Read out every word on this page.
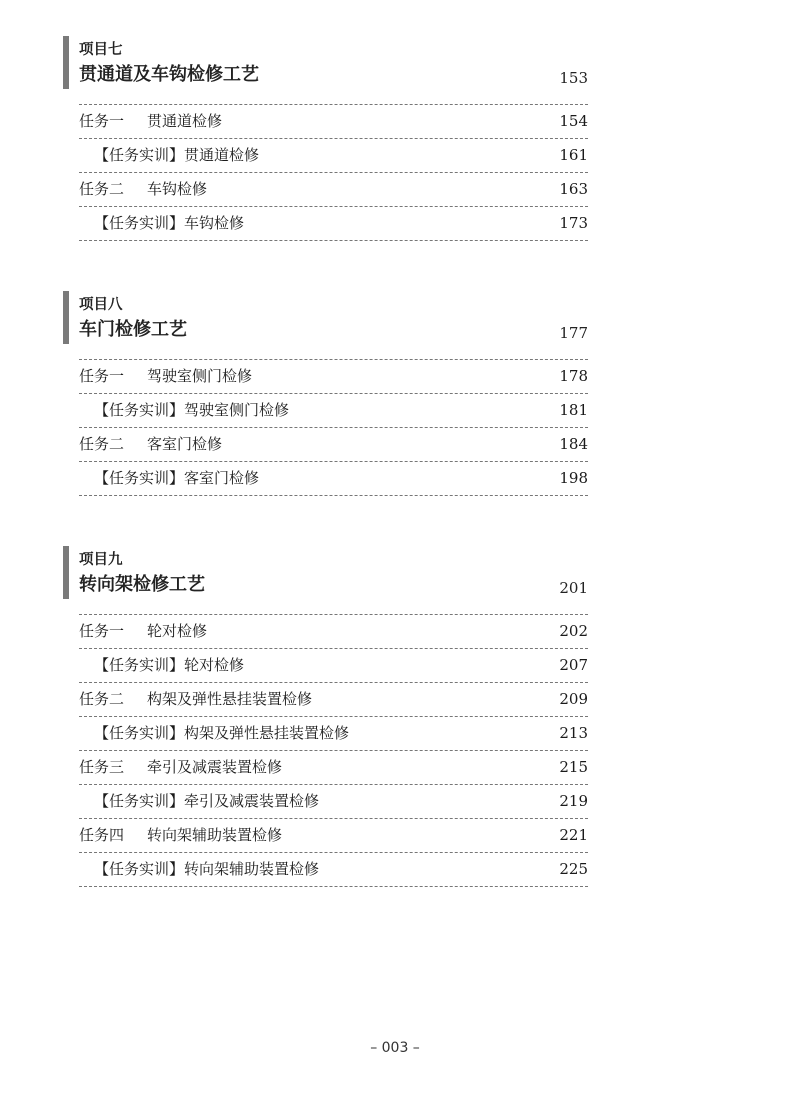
项目七
贯通道及车钩检修工艺	153
任务一 贯通道检修	154
【任务实训】贯通道检修	161
任务二 车钩检修	163
【任务实训】车钩检修	173
项目八
车门检修工艺	177
任务一 驾驶室侧门检修	178
【任务实训】驾驶室侧门检修	181
任务二 客室门检修	184
【任务实训】客室门检修	198
项目九
转向架检修工艺	201
任务一 轮对检修	202
【任务实训】轮对检修	207
任务二 构架及弹性悬挂装置检修	209
【任务实训】构架及弹性悬挂装置检修	213
任务三 牵引及减震装置检修	215
【任务实训】牵引及减震装置检修	219
任务四 转向架辅助装置检修	221
【任务实训】转向架辅助装置检修	225
– 003 –
